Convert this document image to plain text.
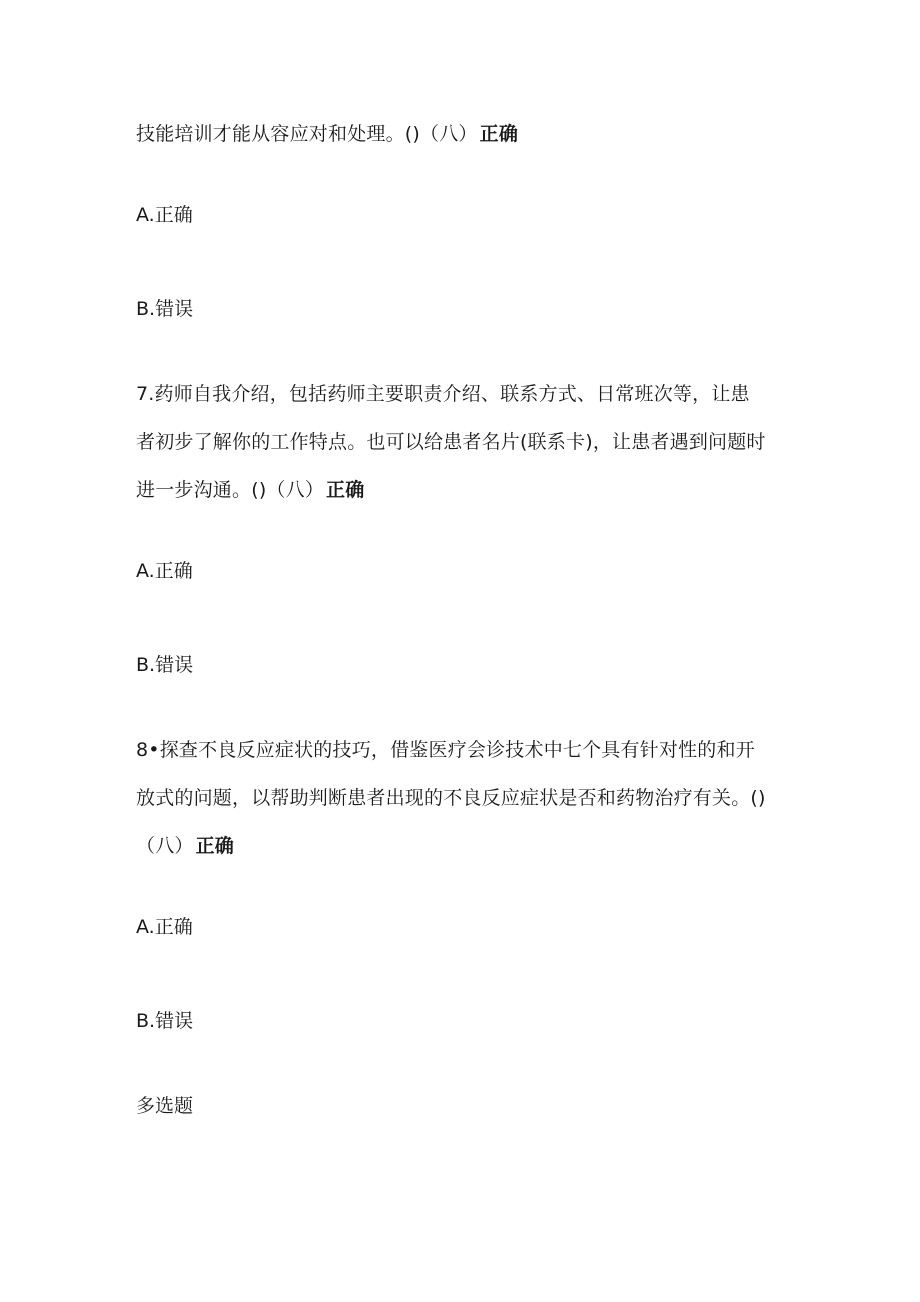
技能培训才能从容应对和处理。()（八） 正确
A.正确
B.错误
7.药师自我介绍，包括药师主要职责介绍、联系方式、日常班次等，让患
者初步了解你的工作特点。也可以给患者名片(联系卡)，让患者遇到问题时
进一步沟通。()（八） 正确
A.正确
B.错误
8•探查不良反应症状的技巧，借鉴医疗会诊技术中七个具有针对性的和开
放式的问题，以帮助判断患者出现的不良反应症状是否和药物治疗有关。()
（八） 正确
A.正确
B.错误
多选题
